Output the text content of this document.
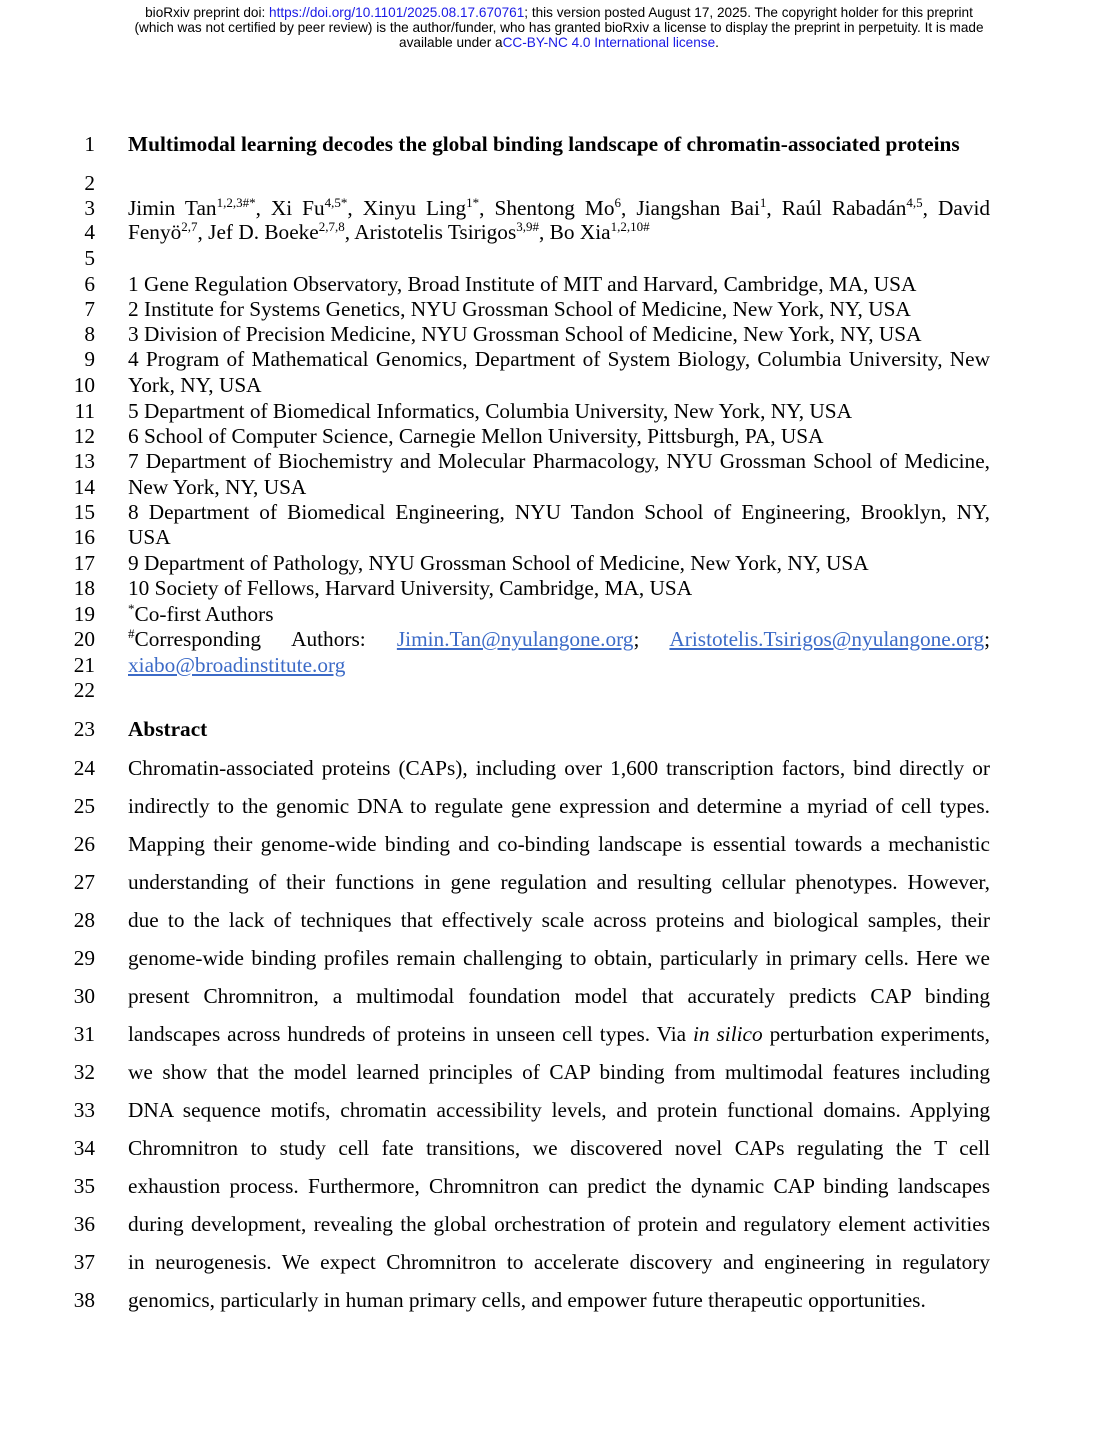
bioRxiv preprint doi: https://doi.org/10.1101/2025.08.17.670761; this version posted August 17, 2025. The copyright holder for this preprint
(which was not certified by peer review) is the author/funder, who has granted bioRxiv a license to display the preprint in perpetuity. It is made
available under aCC-BY-NC 4.0 International license.
1 Multimodal learning decodes the global binding landscape of chromatin-associated proteins
2
3 Jimin Tan$^{1,2,3\#*}$, Xi $Fu^{4,5*}$, Xinyu Ling$^{1*}$, Shentong Mo$^6$, Jiangshan Bai$^1$, Raúl Rabadán$^{4,5}$, David
4 Fenyö$^{2,7}$, Jef D. Boeke$^{2,7,8}$, Aristotelis Tsirigos$^{3,9\#}$, Bo Xia$^{1,2,10\#}$
5
6 1 Gene Regulation Observatory, Broad Institute of MIT and Harvard, Cambridge, MA, USA
7 2 Institute for Systems Genetics, NYU Grossman School of Medicine, New York, NY, USA
8 3 Division of Precision Medicine, NYU Grossman School of Medicine, New York, NY, USA
9 4 Program of Mathematical Genomics, Department of System Biology, Columbia University, New
10 York, NY, USA
11 5 Department of Biomedical Informatics, Columbia University, New York, NY, USA
12 6 School of Computer Science, Carnegie Mellon University, Pittsburgh, PA, USA
13 7 Department of Biochemistry and Molecular Pharmacology, NYU Grossman School of Medicine,
14 New York, NY, USA
15 8 Department of Biomedical Engineering, NYU Tandon School of Engineering, Brooklyn, NY,
16 USA
17 9 Department of Pathology, NYU Grossman School of Medicine, New York, NY, USA
18 10 Society of Fellows, Harvard University, Cambridge, MA, USA
19	*Co-first Authors
20	#Corresponding Authors: Jimin.Tan@nyulangone.org; Aristotelis.Tsirigos@nyulangone.org;
21 xiabo@broadinstitute.org
22
23 Abstract
24 Chromatin-associated proteins (CAPs), including over 1,600 transcription factors, bind directly or
25 indirectly to the genomic DNA to regulate gene expression and determine a myriad of cell types.
26 Mapping their genome-wide binding and co-binding landscape is essential towards a mechanistic
27 understanding of their functions in gene regulation and resulting cellular phenotypes. However,
28 due to the lack of techniques that effectively scale across proteins and biological samples, their
29 genome-wide binding profiles remain challenging to obtain, particularly in primary cells. Here we
30 present Chromnitron, a multimodal foundation model that accurately predicts CAP binding
31 landscapes across hundreds of proteins in unseen cell types. Via in silico perturbation experiments,
32 we show that the model learned principles of CAP binding from multimodal features including
33 DNA sequence motifs, chromatin accessibility levels, and protein functional domains. Applying
34 Chromnitron to study cell fate transitions, we discovered novel CAPs regulating the T cell
35 exhaustion process. Furthermore, Chromnitron can predict the dynamic CAP binding landscapes
36 during development, revealing the global orchestration of protein and regulatory element activities
37 in neurogenesis. We expect Chromnitron to accelerate discovery and engineering in regulatory
38 genomics, particularly in human primary cells, and empower future therapeutic opportunities.
